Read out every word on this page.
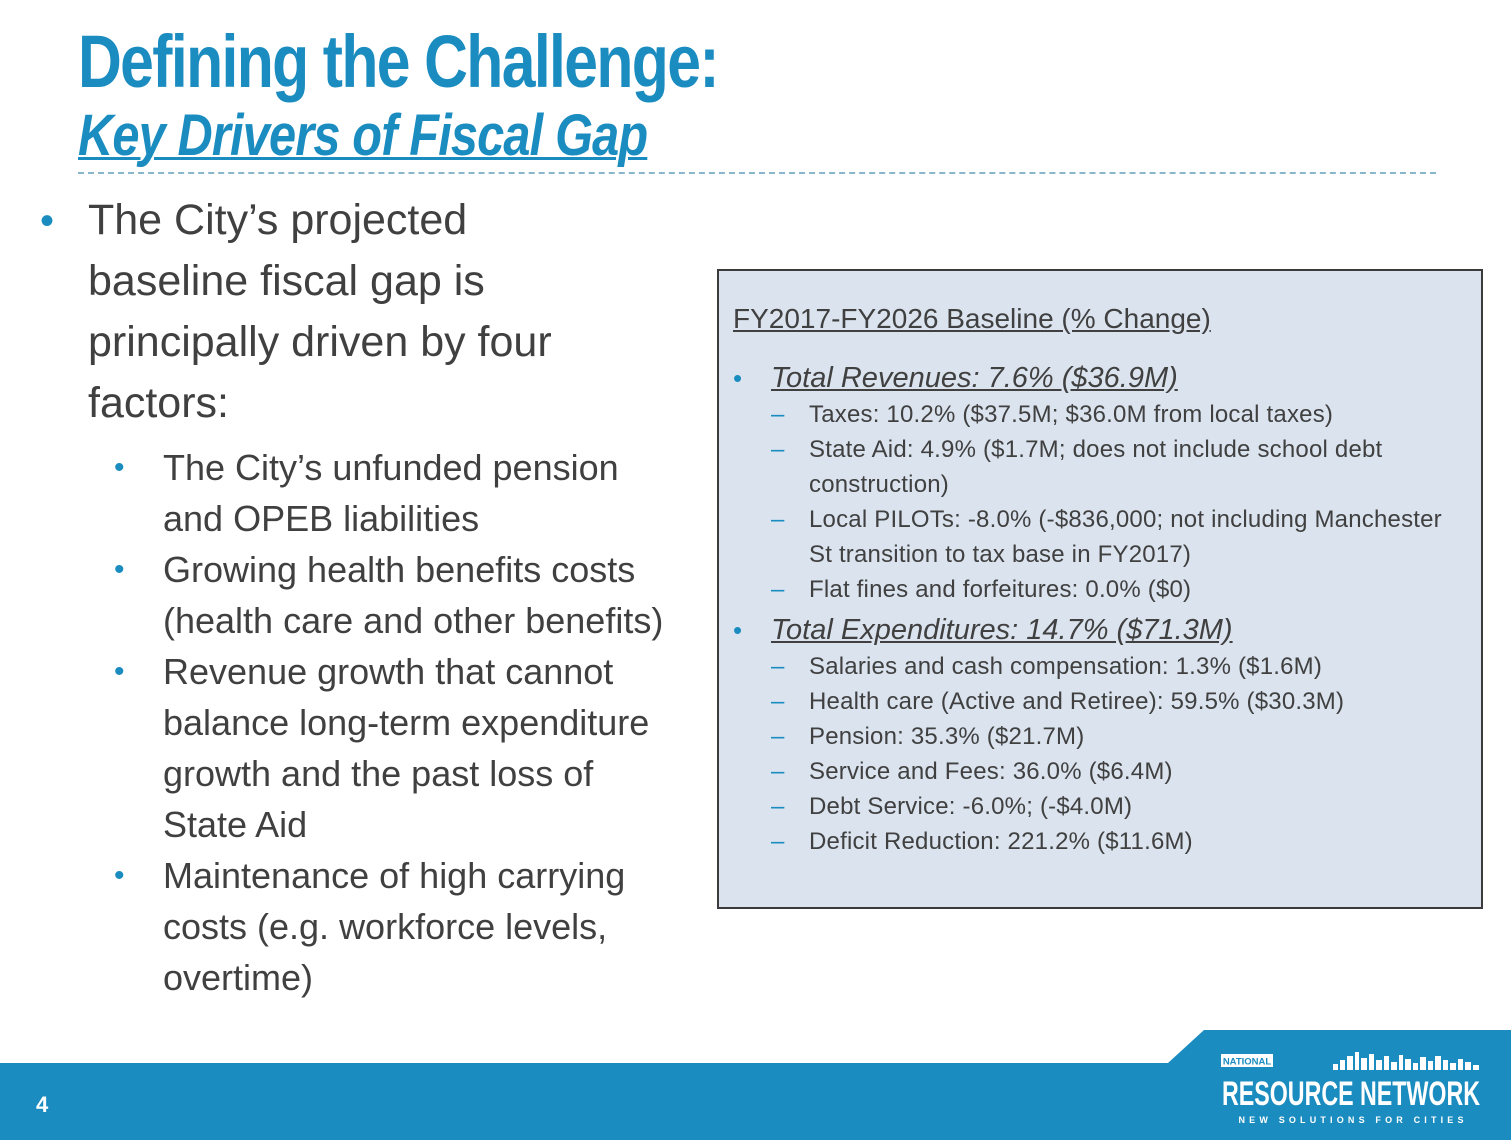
Defining the Challenge:
Key Drivers of Fiscal Gap
• The City’s projected baseline fiscal gap is principally driven by four factors:
•	The City’s unfunded pension and OPEB liabilities
•	Growing health benefits costs (health care and other benefits)
•	Revenue growth that cannot balance long-term expenditure growth and the past loss of State Aid
•	Maintenance of high carrying costs (e.g. workforce levels, overtime)
FY2017-FY2026 Baseline (% Change)
• Total Revenues: 7.6% ($36.9M)
–	Taxes: 10.2% ($37.5M; $36.0M from local taxes)
–	State Aid: 4.9% ($1.7M; does not include school debt construction)
–	Local PILOTs: -8.0% (-$836,000; not including Manchester St transition to tax base in FY2017)
–	Flat fines and forfeitures: 0.0% ($0)
• Total Expenditures: 14.7% ($71.3M)
–	Salaries and cash compensation: 1.3% ($1.6M)
–	Health care (Active and Retiree): 59.5% ($30.3M)
–	Pension: 35.3% ($21.7M)
–	Service and Fees: 36.0% ($6.4M)
–	Debt Service: -6.0%; (-$4.0M)
–	Deficit Reduction: 221.2% ($11.6M)
4
NATIONAL
RESOURCE NETWORK
NEW SOLUTIONS FOR CITIES
